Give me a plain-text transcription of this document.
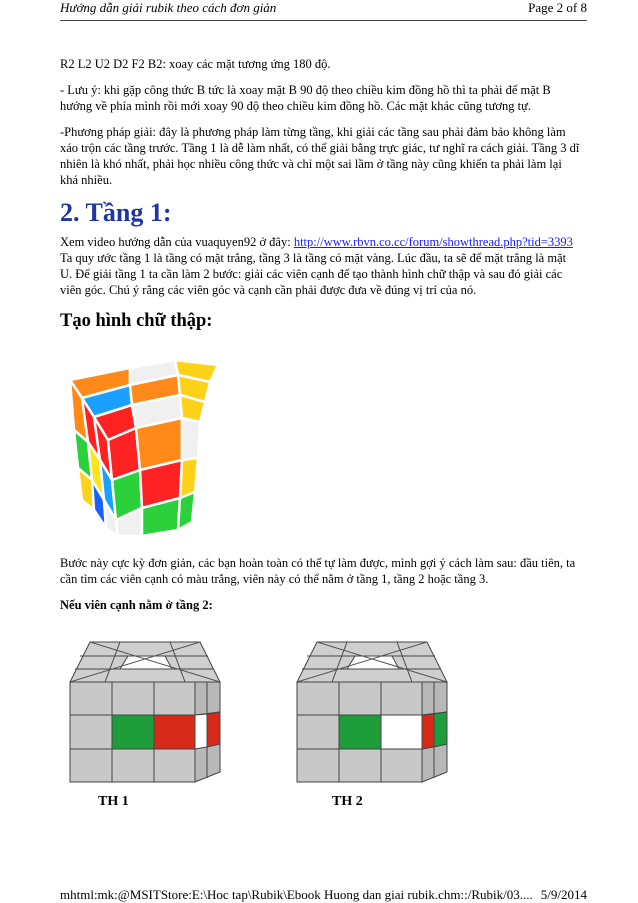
Hướng dẫn giải rubik theo cách đơn giản	Page 2 of 8

R2 L2 U2 D2 F2 B2: xoay các mặt tương ứng 180 độ.

- Lưu ý: khi gặp công thức B tức là xoay mặt B 90 độ theo chiều kim đồng hồ thì ta phải để mặt B hướng về phía mình rồi mới xoay 90 độ theo chiều kim đồng hồ. Các mặt khác cũng tương tự.

-Phương pháp giải: đây là phương pháp làm từng tầng, khi giải các tầng sau phải đảm bảo không làm xáo trộn các tầng trước. Tầng 1 là dễ làm nhất, có thể giải bằng trực giác, tư nghĩ ra cách giải. Tầng 3 dĩ nhiên là khó nhất, phải học nhiều công thức và chỉ một sai lầm ở tầng này cũng khiến ta phải làm lại khá nhiều.

2. Tầng 1:
Xem video hướng dẫn của vuaquyen92 ở đây: http://www.rbvn.co.cc/forum/showthread.php?tid=3393

Ta quy ước tầng 1 là tầng có mặt trắng, tầng 3 là tầng có mặt vàng. Lúc đầu, ta sẽ để mặt trắng là mặt U. Để giải tầng 1 ta cần làm 2 bước: giải các viên cạnh để tạo thành hình chữ thập và sau đó giải các viên góc. Chú ý rằng các viên góc và cạnh cần phải được đưa về đúng vị trí của nó.

Tạo hình chữ thập:

Bước này cực kỳ đơn giản, các bạn hoàn toàn có thể tự làm được, mình gợi ý cách làm sau: đầu tiên, ta cần tìm các viên cạnh có màu trắng, viên này có thể nằm ở tầng 1, tầng 2 hoặc tầng 3.

Nếu viên cạnh nằm ở tầng 2:

TH 1	TH 2
mhtml:mk:@MSITStore:E:\Hoc tap\Rubik\Ebook Huong dan giai rubik.chm::/Rubik/03.... 5/9/2014
